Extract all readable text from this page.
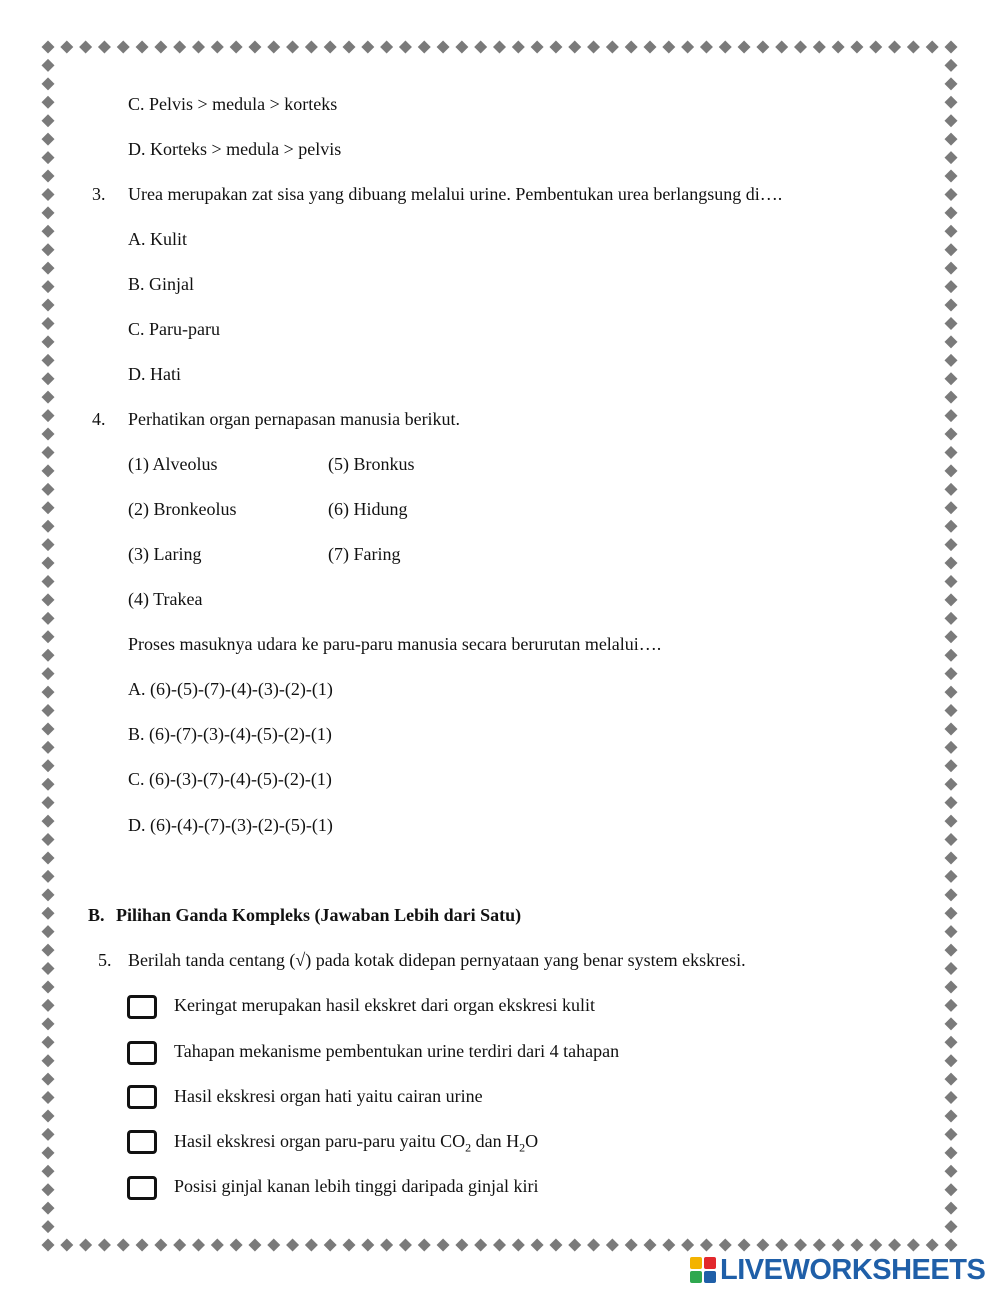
C. Pelvis > medula > korteks
D. Korteks > medula > pelvis
3. Urea merupakan zat sisa yang dibuang melalui urine. Pembentukan urea berlangsung di….
A. Kulit
B. Ginjal
C. Paru-paru
D. Hati
4. Perhatikan organ pernapasan manusia berikut.
(1) Alveolus	(5) Bronkus
(2) Bronkeolus	(6) Hidung
(3) Laring	(7) Faring
(4) Trakea
Proses masuknya udara ke paru-paru manusia secara berurutan melalui….
A. (6)-(5)-(7)-(4)-(3)-(2)-(1)
B. (6)-(7)-(3)-(4)-(5)-(2)-(1)
C. (6)-(3)-(7)-(4)-(5)-(2)-(1)
D. (6)-(4)-(7)-(3)-(2)-(5)-(1)
B. Pilihan Ganda Kompleks (Jawaban Lebih dari Satu)
5. Berilah tanda centang (√) pada kotak didepan pernyataan yang benar system ekskresi.
Keringat merupakan hasil ekskret dari organ ekskresi kulit
Tahapan mekanisme pembentukan urine terdiri dari 4 tahapan
Hasil ekskresi organ hati yaitu cairan urine
Hasil ekskresi organ paru-paru yaitu $CO_2$ dan $H_2O$
Posisi ginjal kanan lebih tinggi daripada ginjal kiri
LIVEWORKSHEETS
